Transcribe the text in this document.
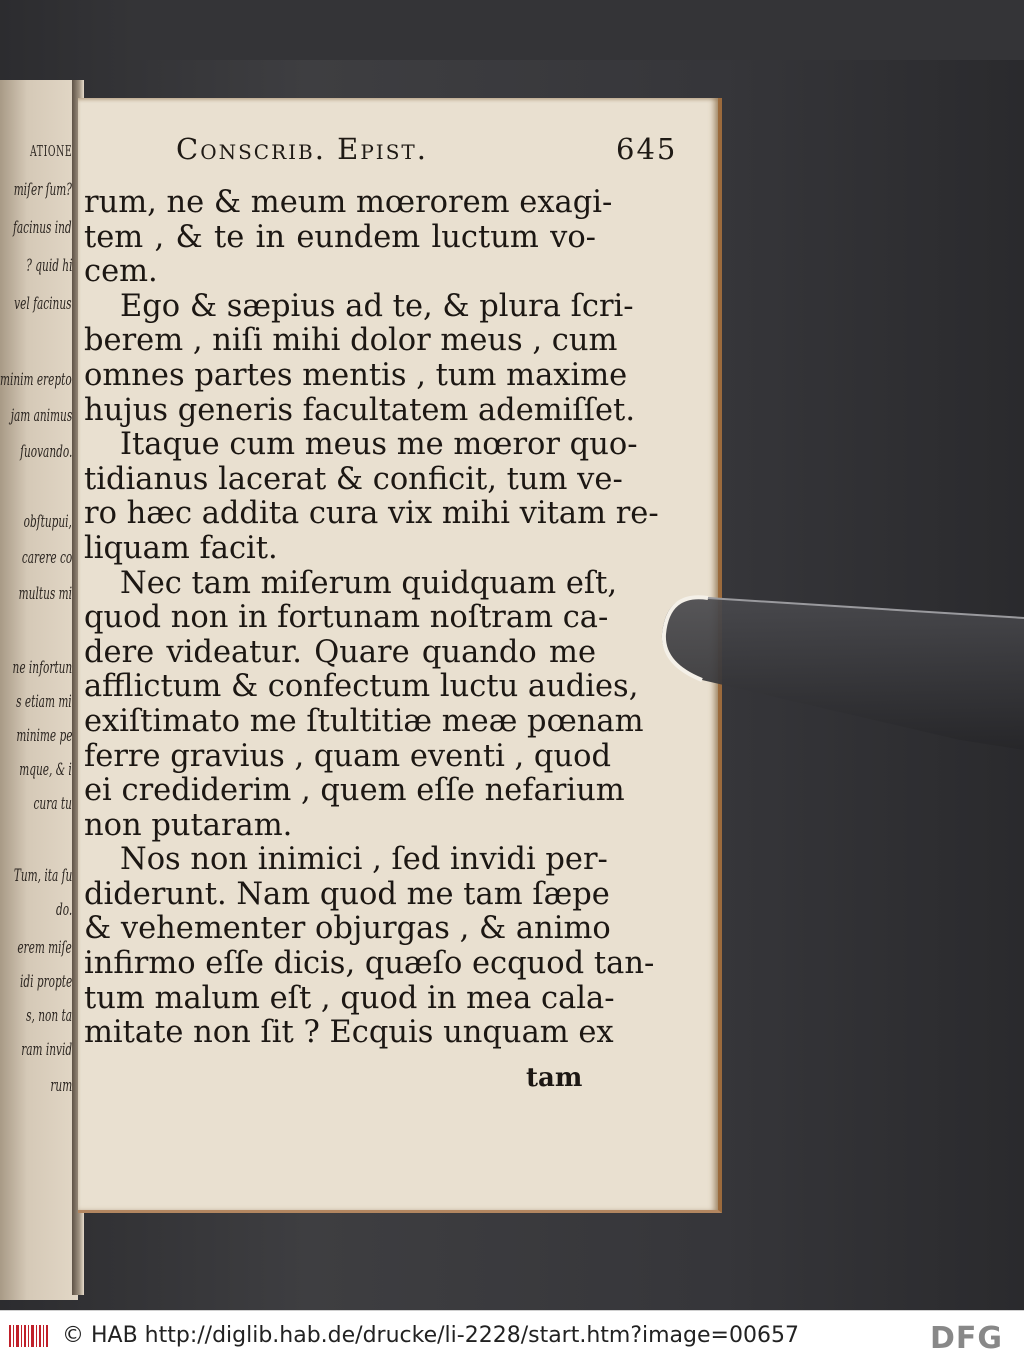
ATIONE
miſer ſum?
facinus ind
? quid hi
vel facinus
minim erepto
jam animus
ſuovando.
obſtupui,
carere co
multus mi
ne infortun
s etiam mi
minime pe
mque, & i
cura tu
Tum, ita ſu
do.
erem miſe
idi propte
s, non ta
ram invid
rum
Conscrib. Epist.	645
rum, ne & meum mœrorem exagi-
tem , & te in eundem luctum vo-
cem.
Ego & sæpius ad te, & plura ſcri-
berem , niſi mihi dolor meus , cum
omnes partes mentis , tum maxime
hujus generis facultatem ademiſſet.
Itaque cum meus me mœror quo-
tidianus lacerat & conficit, tum ve-
ro hæc addita cura vix mihi vitam re-
liquam facit.
Nec tam miſerum quidquam eſt,
quod non in fortunam noſtram ca-
dere videatur. Quare quando me
afflictum & confectum luctu audies,
exiſtimato me ſtultitiæ meæ pœnam
ferre gravius , quam eventi , quod
ei crediderim , quem eſſe nefarium
non putaram.
Nos non inimici , ſed invidi per-
diderunt. Nam quod me tam ſæpe
& vehementer objurgas , & animo
infirmo eſſe dicis, quæſo ecquod tan-
tum malum eſt , quod in mea cala-
mitate non ſit ? Ecquis unquam ex
tam
© HAB http://diglib.hab.de/drucke/li-2228/start.htm?image=00657	DFG
